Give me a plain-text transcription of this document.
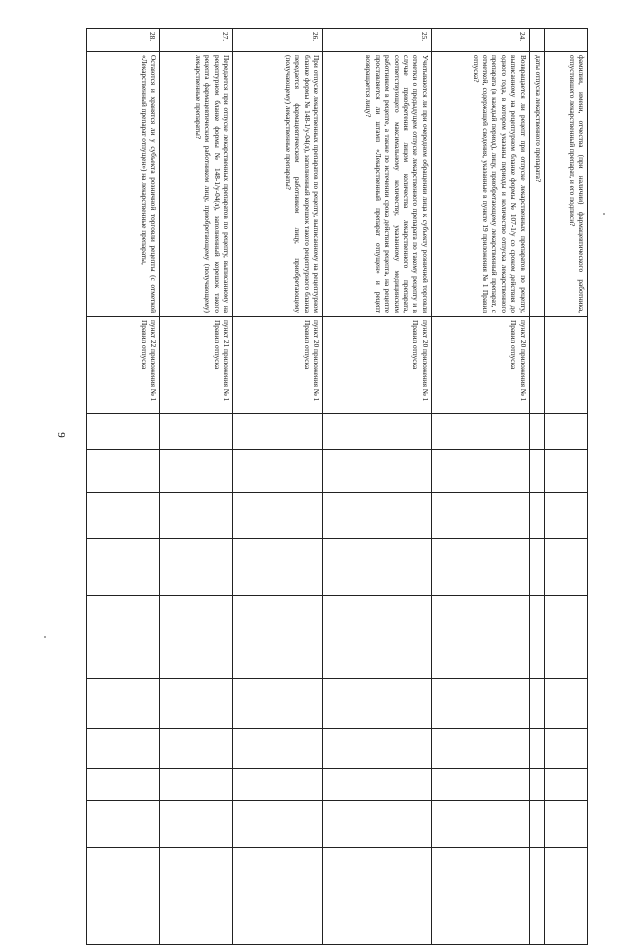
9
	фамилии, имени, отчества (при наличии) фармацевтического работника, отпустившего лекарственный препарат, и его подписи?											
	даты отпуска лекарственного препарата?											
24.	Возвращается ли рецепт при отпуске лекарственных препаратов по рецепту, выписанному на рецептурном бланке формы № 107-1/у со сроком действия до одного года, в котором указаны периоды и количество отпуска лекарственного препарата (в каждый период), лицу, приобретающему лекарственный препарат, с отметкой, содержащей сведения, указанные в пункте 19 приложения № 1 Правил отпуска?	пункт 20 приложения № 1 Правил отпуска										
25.	Учитываются ли при очередном обращении лица к субъекту розничной торговли отметки о предыдущем отпуске лекарственного препарата по такому рецепту и в случае приобретения лицом количества лекарственного препарата, соответствующего максимальному количеству, указанному медицинским работником в рецепте, а также по истечении срока действия рецепта, на рецепте проставляется ли штамп «Лекарственный препарат отпущен» и рецепт возвращается лицу?	пункт 20 приложения № 1 Правил отпуска										
26.	При отпуске лекарственных препаратов по рецепту, выписанному на рецептурном бланке формы № 148-1/у-04(л), заполненный корешок такого рецептурного бланка передается фармацевтическим работником лицу, приобретающему (получающему) лекарственные препараты?	пункт 20 приложения № 1 Правил отпуска										
27.	Передается при отпуске лекарственных препаратов по рецепту, выписанному на рецептурном бланке формы № 148-1/у-04(л), заполненный корешок такого рецепта фармацевтическим работником лицу, приобретающему (получающему) лекарственные препараты?	пункт 21 приложения № 1 Правил отпуска										
28.	Остаются и хранятся ли у субъекта розничной торговли рецепты (с отметкой «Лекарственный препарат отпущен») на лекарственные препараты,	пункт 22 приложения № 1 Правил отпуска										
